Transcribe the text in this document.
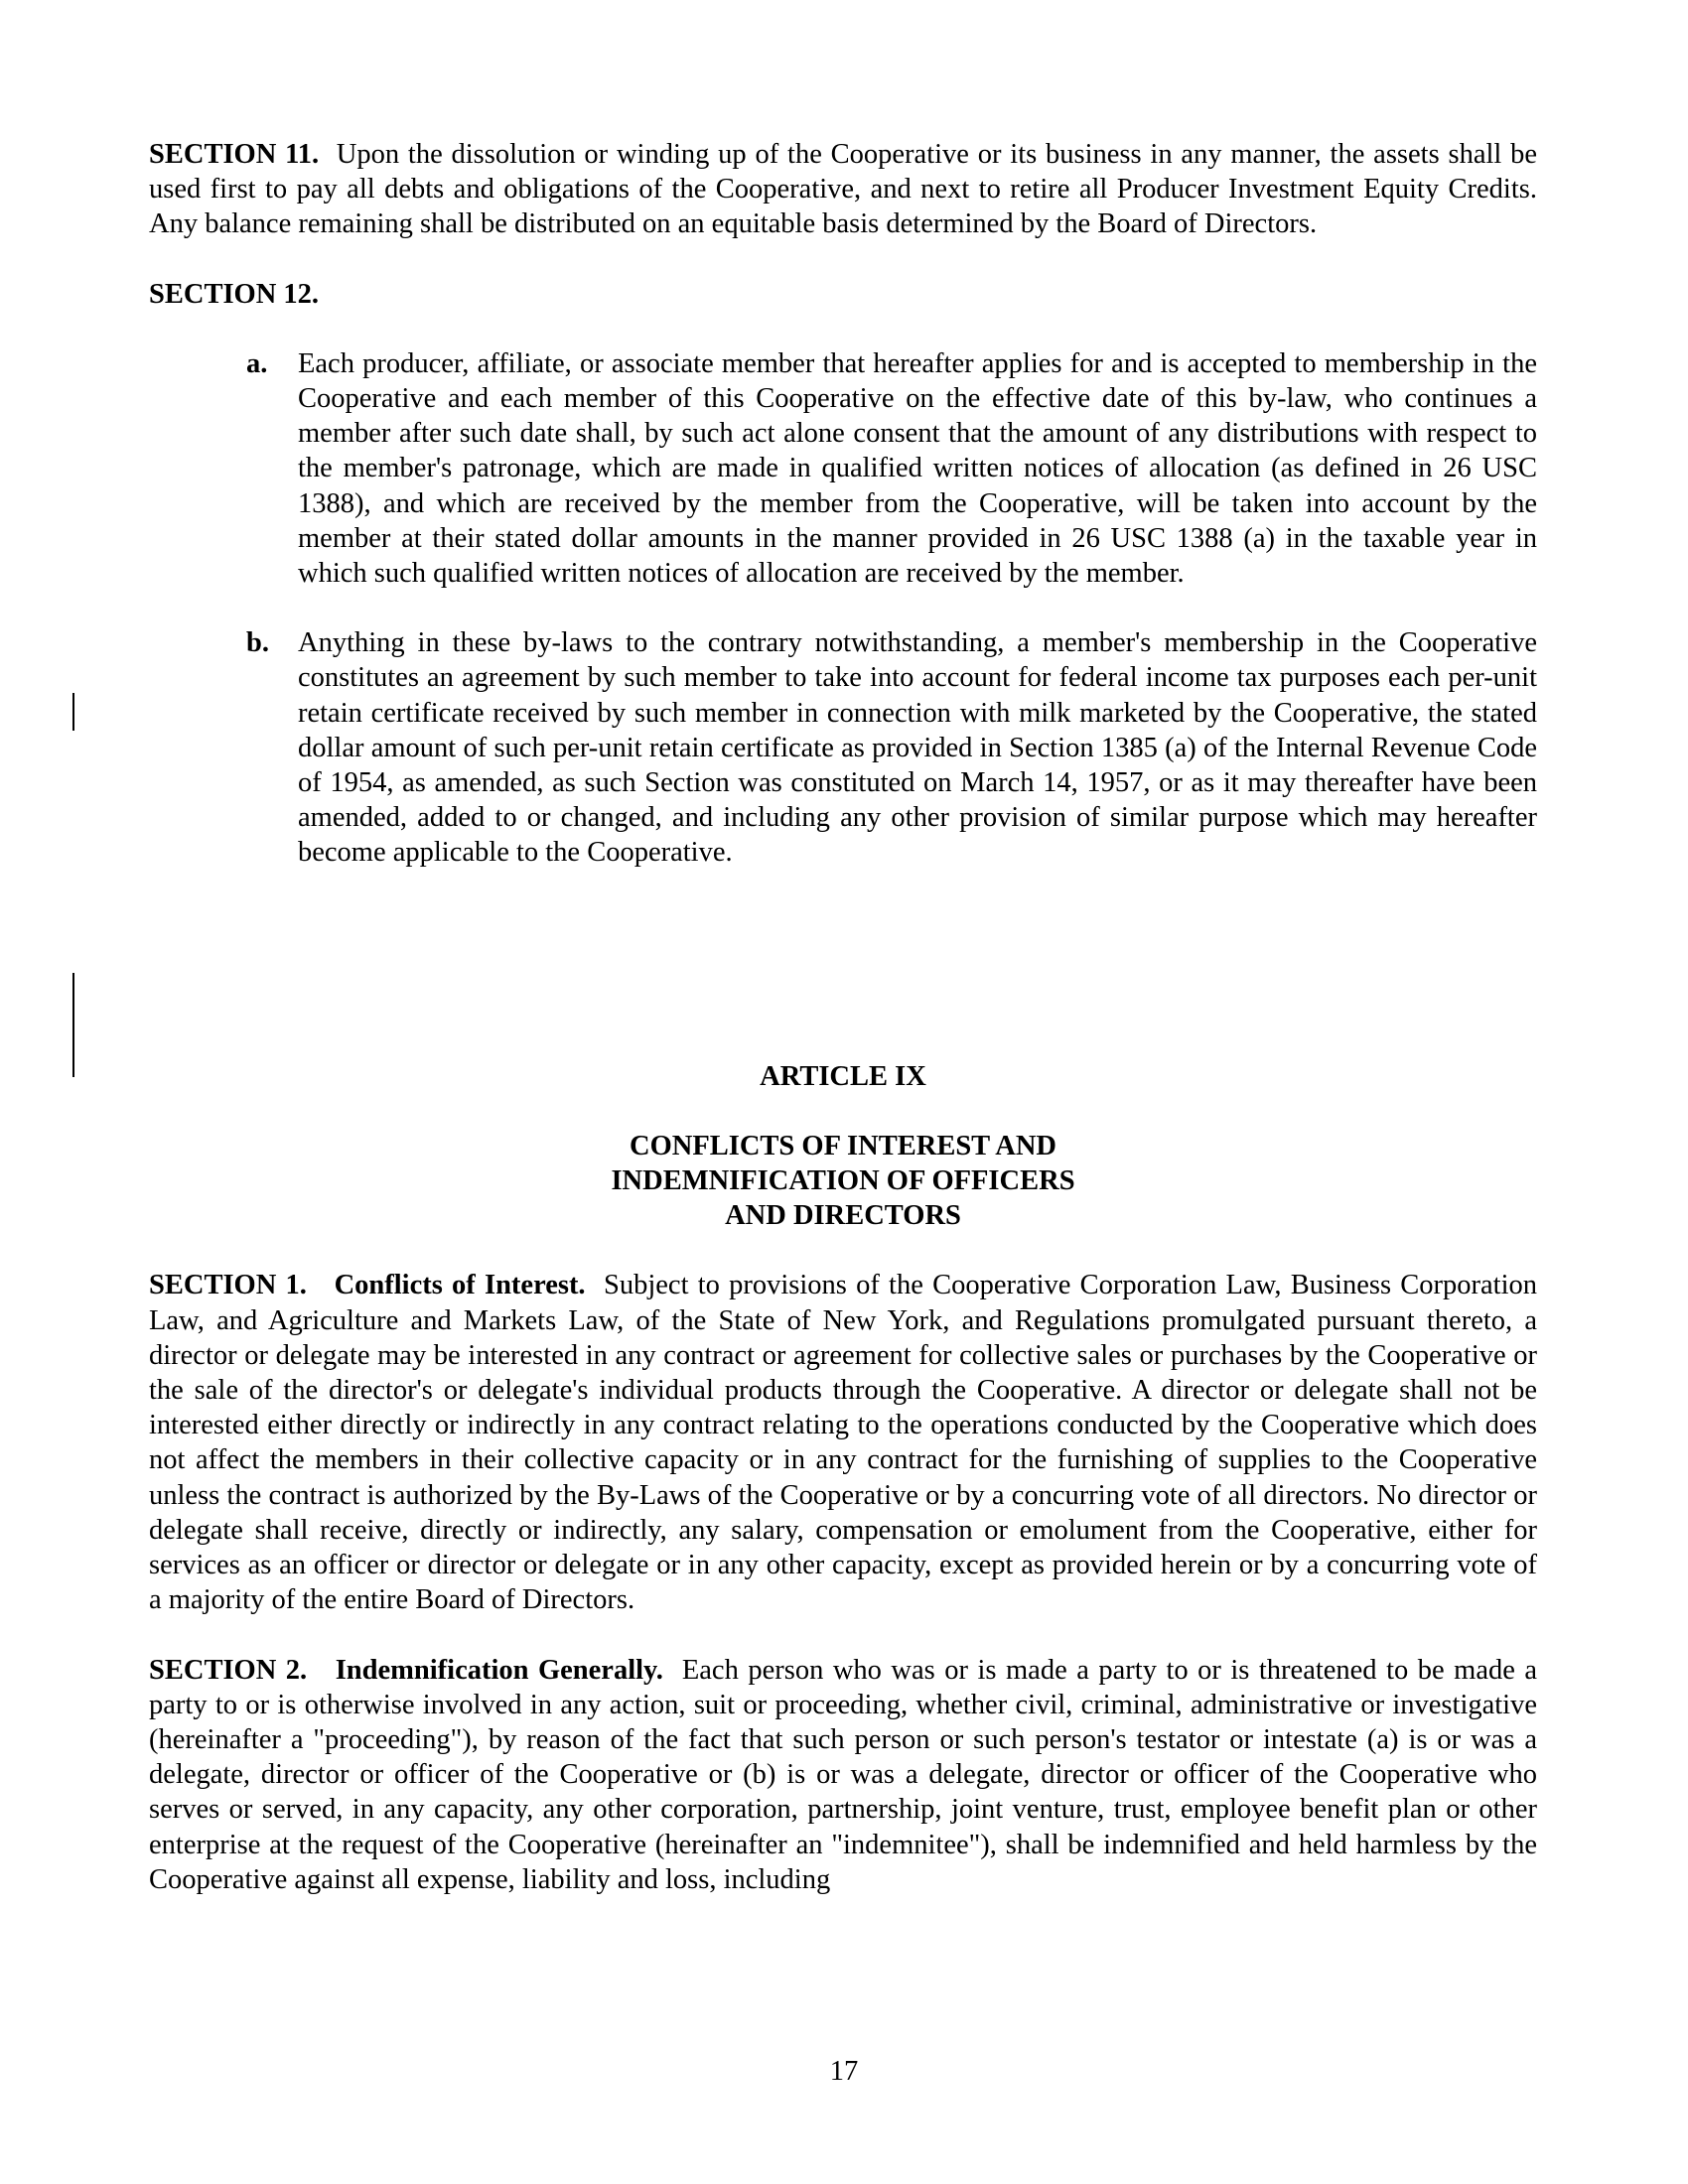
SECTION 11. Upon the dissolution or winding up of the Cooperative or its business in any manner, the assets shall be used first to pay all debts and obligations of the Cooperative, and next to retire all Producer Investment Equity Credits. Any balance remaining shall be distributed on an equitable basis determined by the Board of Directors.

SECTION 12.

a. Each producer, affiliate, or associate member that hereafter applies for and is accepted to membership in the Cooperative and each member of this Cooperative on the effective date of this by-law, who continues a member after such date shall, by such act alone consent that the amount of any distributions with respect to the member's patronage, which are made in qualified written notices of allocation (as defined in 26 USC 1388), and which are received by the member from the Cooperative, will be taken into account by the member at their stated dollar amounts in the manner provided in 26 USC 1388 (a) in the taxable year in which such qualified written notices of allocation are received by the member.

b. Anything in these by-laws to the contrary notwithstanding, a member's membership in the Cooperative constitutes an agreement by such member to take into account for federal income tax purposes each per-unit retain certificate received by such member in connection with milk marketed by the Cooperative, the stated dollar amount of such per-unit retain certificate as provided in Section 1385 (a) of the Internal Revenue Code of 1954, as amended, as such Section was constituted on March 14, 1957, or as it may thereafter have been amended, added to or changed, and including any other provision of similar purpose which may hereafter become applicable to the Cooperative.

ARTICLE IX

CONFLICTS OF INTEREST AND

INDEMNIFICATION OF OFFICERS

AND DIRECTORS

SECTION 1. Conflicts of Interest. Subject to provisions of the Cooperative Corporation Law, Business Corporation Law, and Agriculture and Markets Law, of the State of New York, and Regulations promulgated pursuant thereto, a director or delegate may be interested in any contract or agreement for collective sales or purchases by the Cooperative or the sale of the director's or delegate's individual products through the Cooperative. A director or delegate shall not be interested either directly or indirectly in any contract relating to the operations conducted by the Cooperative which does not affect the members in their collective capacity or in any contract for the furnishing of supplies to the Cooperative unless the contract is authorized by the By-Laws of the Cooperative or by a concurring vote of all directors. No director or delegate shall receive, directly or indirectly, any salary, compensation or emolument from the Cooperative, either for services as an officer or director or delegate or in any other capacity, except as provided herein or by a concurring vote of a majority of the entire Board of Directors.

SECTION 2. Indemnification Generally. Each person who was or is made a party to or is threatened to be made a party to or is otherwise involved in any action, suit or proceeding, whether civil, criminal, administrative or investigative (hereinafter a "proceeding"), by reason of the fact that such person or such person's testator or intestate (a) is or was a delegate, director or officer of the Cooperative or (b) is or was a delegate, director or officer of the Cooperative who serves or served, in any capacity, any other corporation, partnership, joint venture, trust, employee benefit plan or other enterprise at the request of the Cooperative (hereinafter an "indemnitee"), shall be indemnified and held harmless by the Cooperative against all expense, liability and loss, including

17
